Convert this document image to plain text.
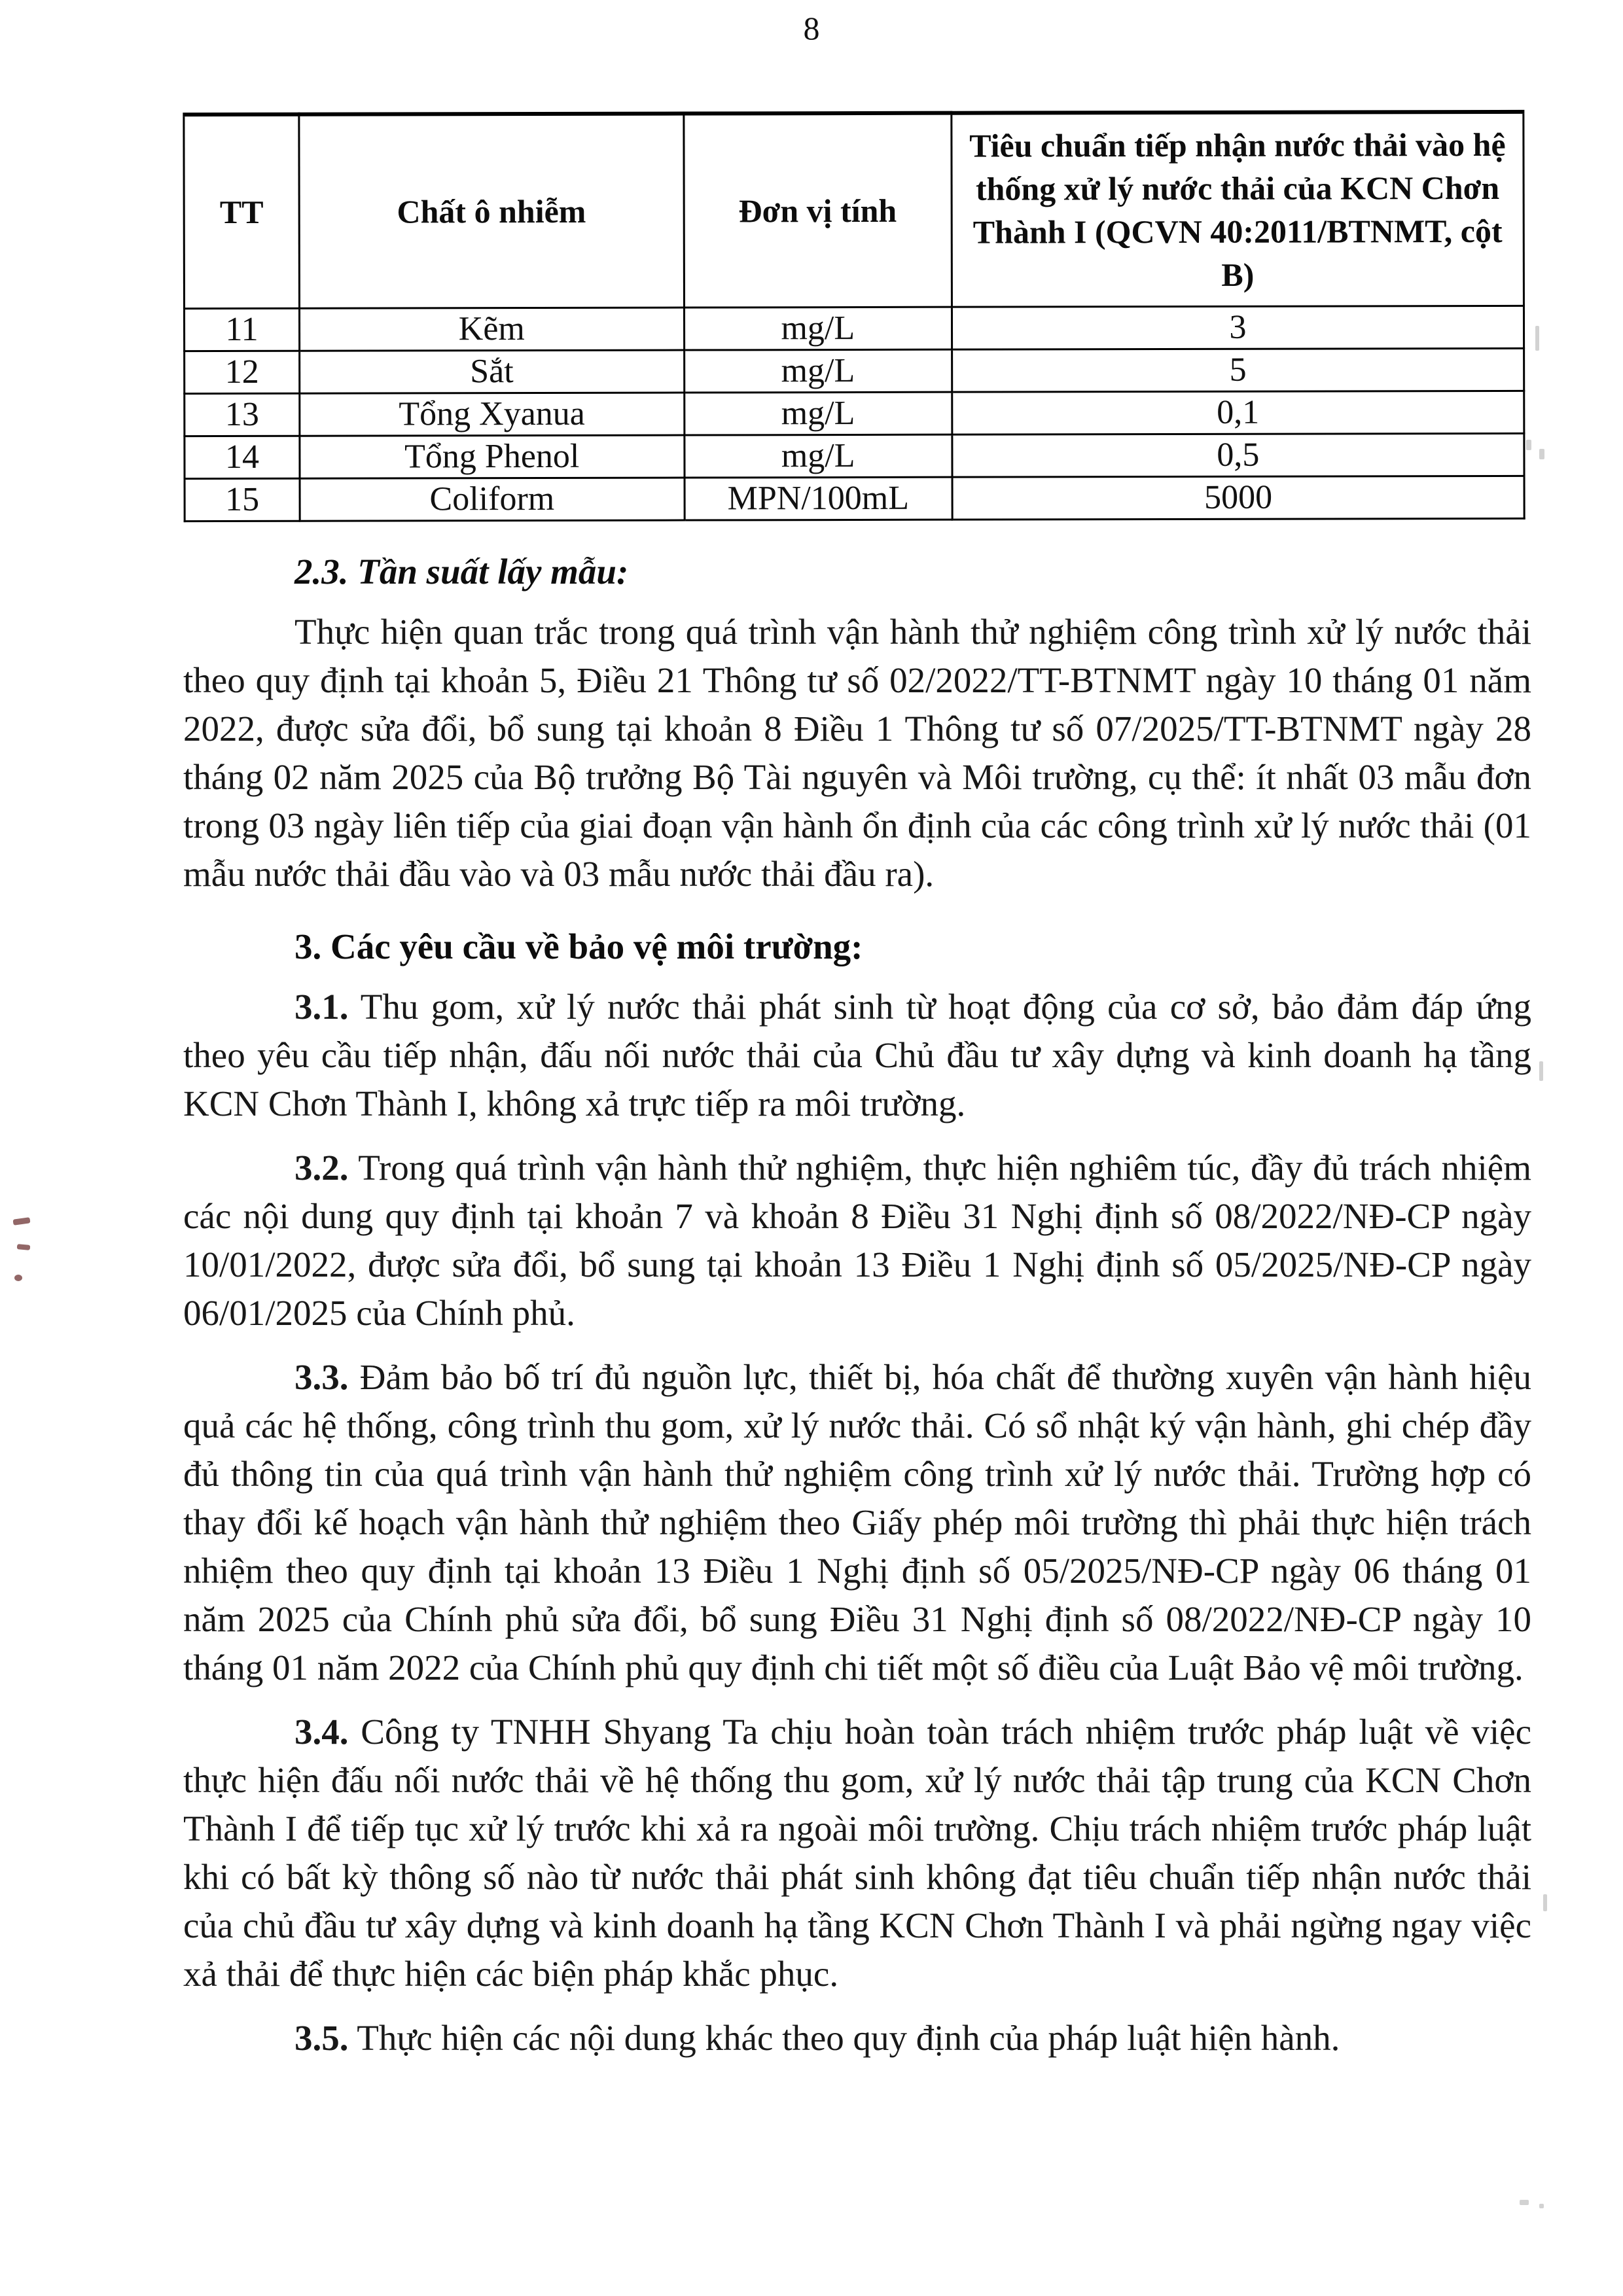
8
TT	Chất ô nhiễm	Đơn vị tính	Tiêu chuẩn tiếp nhận nước thải vào hệ thống xử lý nước thải của KCN Chơn Thành I (QCVN 40:2011/BTNMT, cột B)
11	Kẽm	mg/L	3
12	Sắt	mg/L	5
13	Tổng Xyanua	mg/L	0,1
14	Tổng Phenol	mg/L	0,5
15	Coliform	MPN/100mL	5000
2.3. Tần suất lấy mẫu:

Thực hiện quan trắc trong quá trình vận hành thử nghiệm công trình xử lý nước thải theo quy định tại khoản 5, Điều 21 Thông tư số 02/2022/TT-BTNMT ngày 10 tháng 01 năm 2022, được sửa đổi, bổ sung tại khoản 8 Điều 1 Thông tư số 07/2025/TT-BTNMT ngày 28 tháng 02 năm 2025 của Bộ trưởng Bộ Tài nguyên và Môi trường, cụ thể: ít nhất 03 mẫu đơn trong 03 ngày liên tiếp của giai đoạn vận hành ổn định của các công trình xử lý nước thải (01 mẫu nước thải đầu vào và 03 mẫu nước thải đầu ra).

3. Các yêu cầu về bảo vệ môi trường:

3.1. Thu gom, xử lý nước thải phát sinh từ hoạt động của cơ sở, bảo đảm đáp ứng theo yêu cầu tiếp nhận, đấu nối nước thải của Chủ đầu tư xây dựng và kinh doanh hạ tầng KCN Chơn Thành I, không xả trực tiếp ra môi trường.

3.2. Trong quá trình vận hành thử nghiệm, thực hiện nghiêm túc, đầy đủ trách nhiệm các nội dung quy định tại khoản 7 và khoản 8 Điều 31 Nghị định số 08/2022/NĐ-CP ngày 10/01/2022, được sửa đổi, bổ sung tại khoản 13 Điều 1 Nghị định số 05/2025/NĐ-CP ngày 06/01/2025 của Chính phủ.

3.3. Đảm bảo bố trí đủ nguồn lực, thiết bị, hóa chất để thường xuyên vận hành hiệu quả các hệ thống, công trình thu gom, xử lý nước thải. Có sổ nhật ký vận hành, ghi chép đầy đủ thông tin của quá trình vận hành thử nghiệm công trình xử lý nước thải. Trường hợp có thay đổi kế hoạch vận hành thử nghiệm theo Giấy phép môi trường thì phải thực hiện trách nhiệm theo quy định tại khoản 13 Điều 1 Nghị định số 05/2025/NĐ-CP ngày 06 tháng 01 năm 2025 của Chính phủ sửa đổi, bổ sung Điều 31 Nghị định số 08/2022/NĐ-CP ngày 10 tháng 01 năm 2022 của Chính phủ quy định chi tiết một số điều của Luật Bảo vệ môi trường.

3.4. Công ty TNHH Shyang Ta chịu hoàn toàn trách nhiệm trước pháp luật về việc thực hiện đấu nối nước thải về hệ thống thu gom, xử lý nước thải tập trung của KCN Chơn Thành I để tiếp tục xử lý trước khi xả ra ngoài môi trường. Chịu trách nhiệm trước pháp luật khi có bất kỳ thông số nào từ nước thải phát sinh không đạt tiêu chuẩn tiếp nhận nước thải của chủ đầu tư xây dựng và kinh doanh hạ tầng KCN Chơn Thành I và phải ngừng ngay việc xả thải để thực hiện các biện pháp khắc phục.

3.5. Thực hiện các nội dung khác theo quy định của pháp luật hiện hành.
